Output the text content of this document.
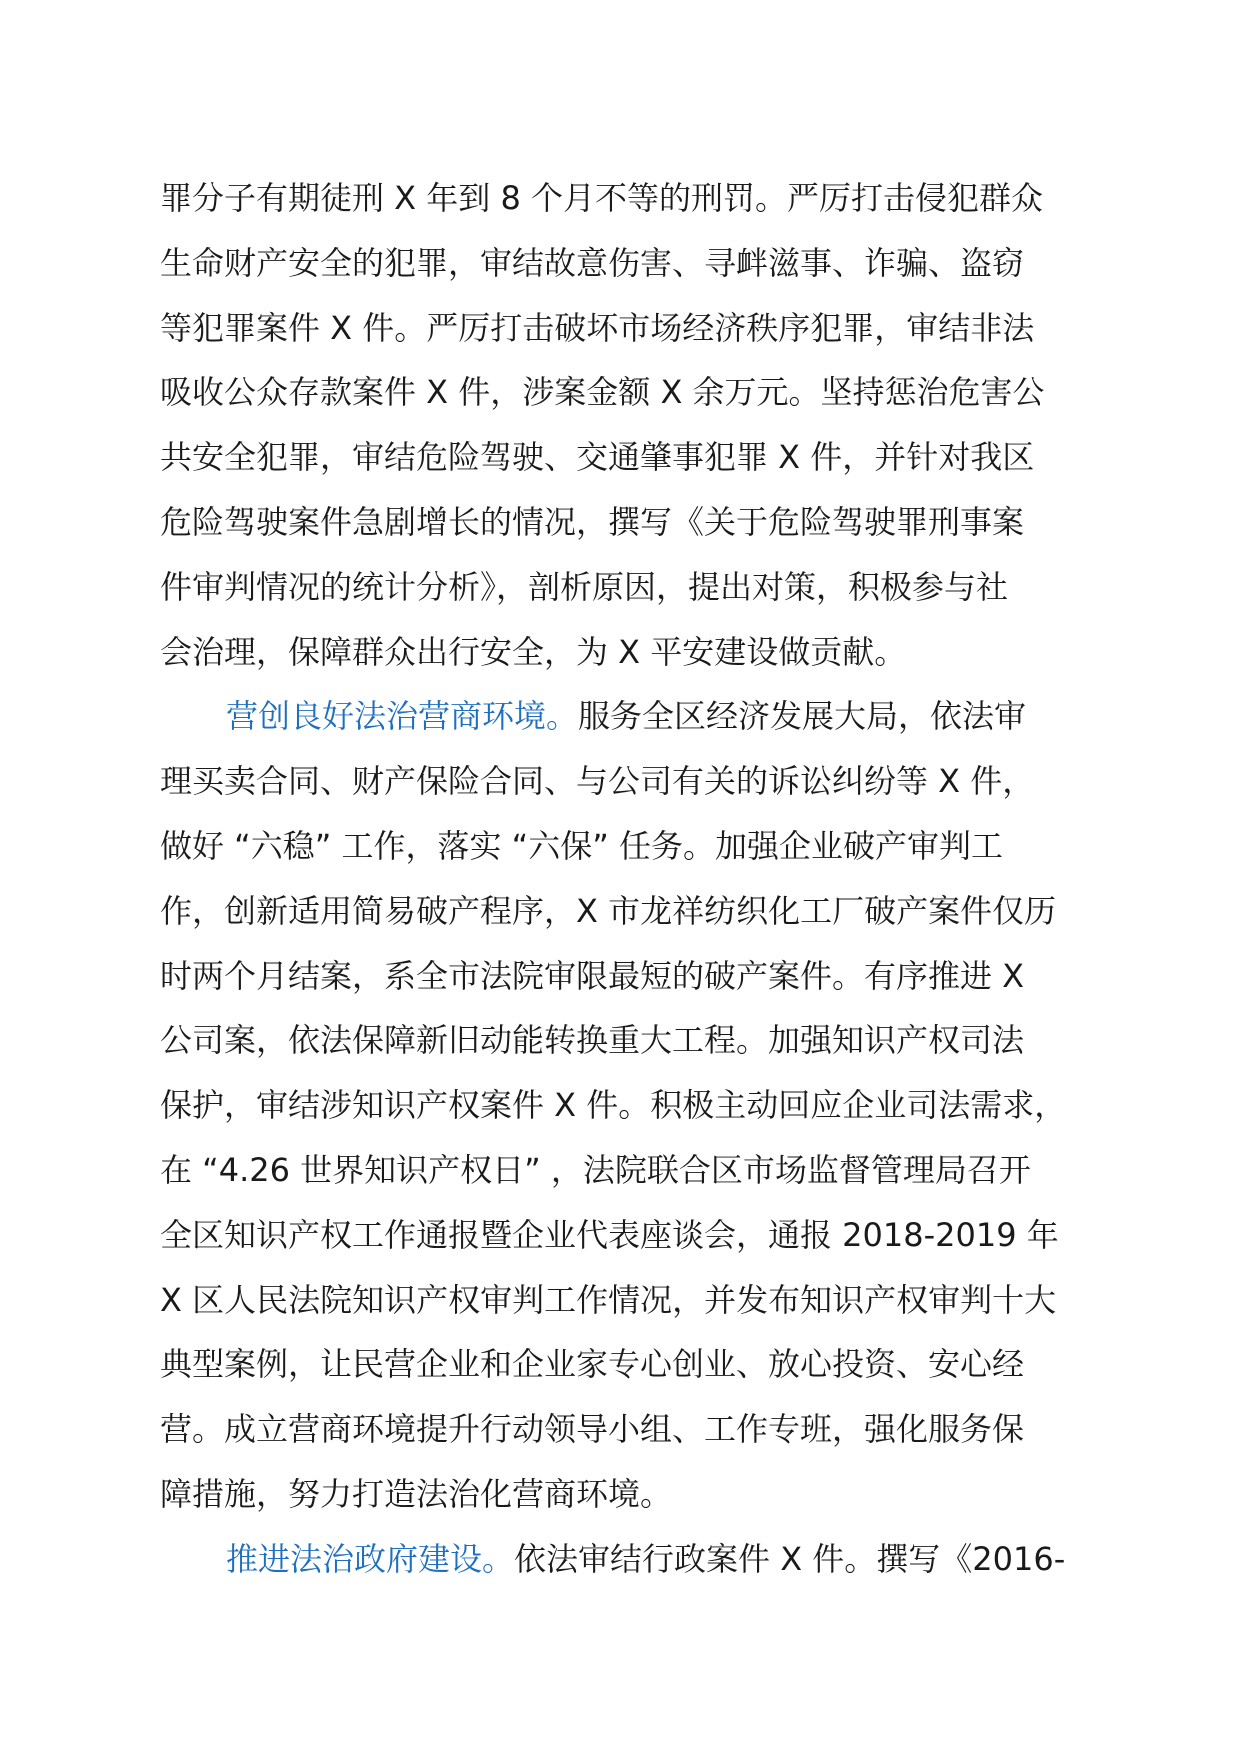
罪分子有期徒刑 X 年到 8 个月不等的刑罚。严厉打击侵犯群众
生命财产安全的犯罪，审结故意伤害、寻衅滋事、诈骗、盗窃
等犯罪案件 X 件。严厉打击破坏市场经济秩序犯罪，审结非法
吸收公众存款案件 X 件，涉案金额 X 余万元。坚持惩治危害公
共安全犯罪，审结危险驾驶、交通肇事犯罪 X 件，并针对我区
危险驾驶案件急剧增长的情况，撰写《关于危险驾驶罪刑事案
件审判情况的统计分析》，剖析原因，提出对策，积极参与社
会治理，保障群众出行安全，为 X 平安建设做贡献。

营创良好法治营商环境。服务全区经济发展大局，依法审
理买卖合同、财产保险合同、与公司有关的诉讼纠纷等 X 件，
做好 “六稳” 工作，落实 “六保” 任务。加强企业破产审判工
作，创新适用简易破产程序，X 市龙祥纺织化工厂破产案件仅历
时两个月结案，系全市法院审限最短的破产案件。有序推进 X
公司案，依法保障新旧动能转换重大工程。加强知识产权司法
保护，审结涉知识产权案件 X 件。积极主动回应企业司法需求，
在 “4.26 世界知识产权日” ，法院联合区市场监督管理局召开
全区知识产权工作通报暨企业代表座谈会，通报 2018-2019 年
X 区人民法院知识产权审判工作情况，并发布知识产权审判十大
典型案例，让民营企业和企业家专心创业、放心投资、安心经
营。成立营商环境提升行动领导小组、工作专班，强化服务保
障措施，努力打造法治化营商环境。

推进法治政府建设。依法审结行政案件 X 件。撰写《2016-
